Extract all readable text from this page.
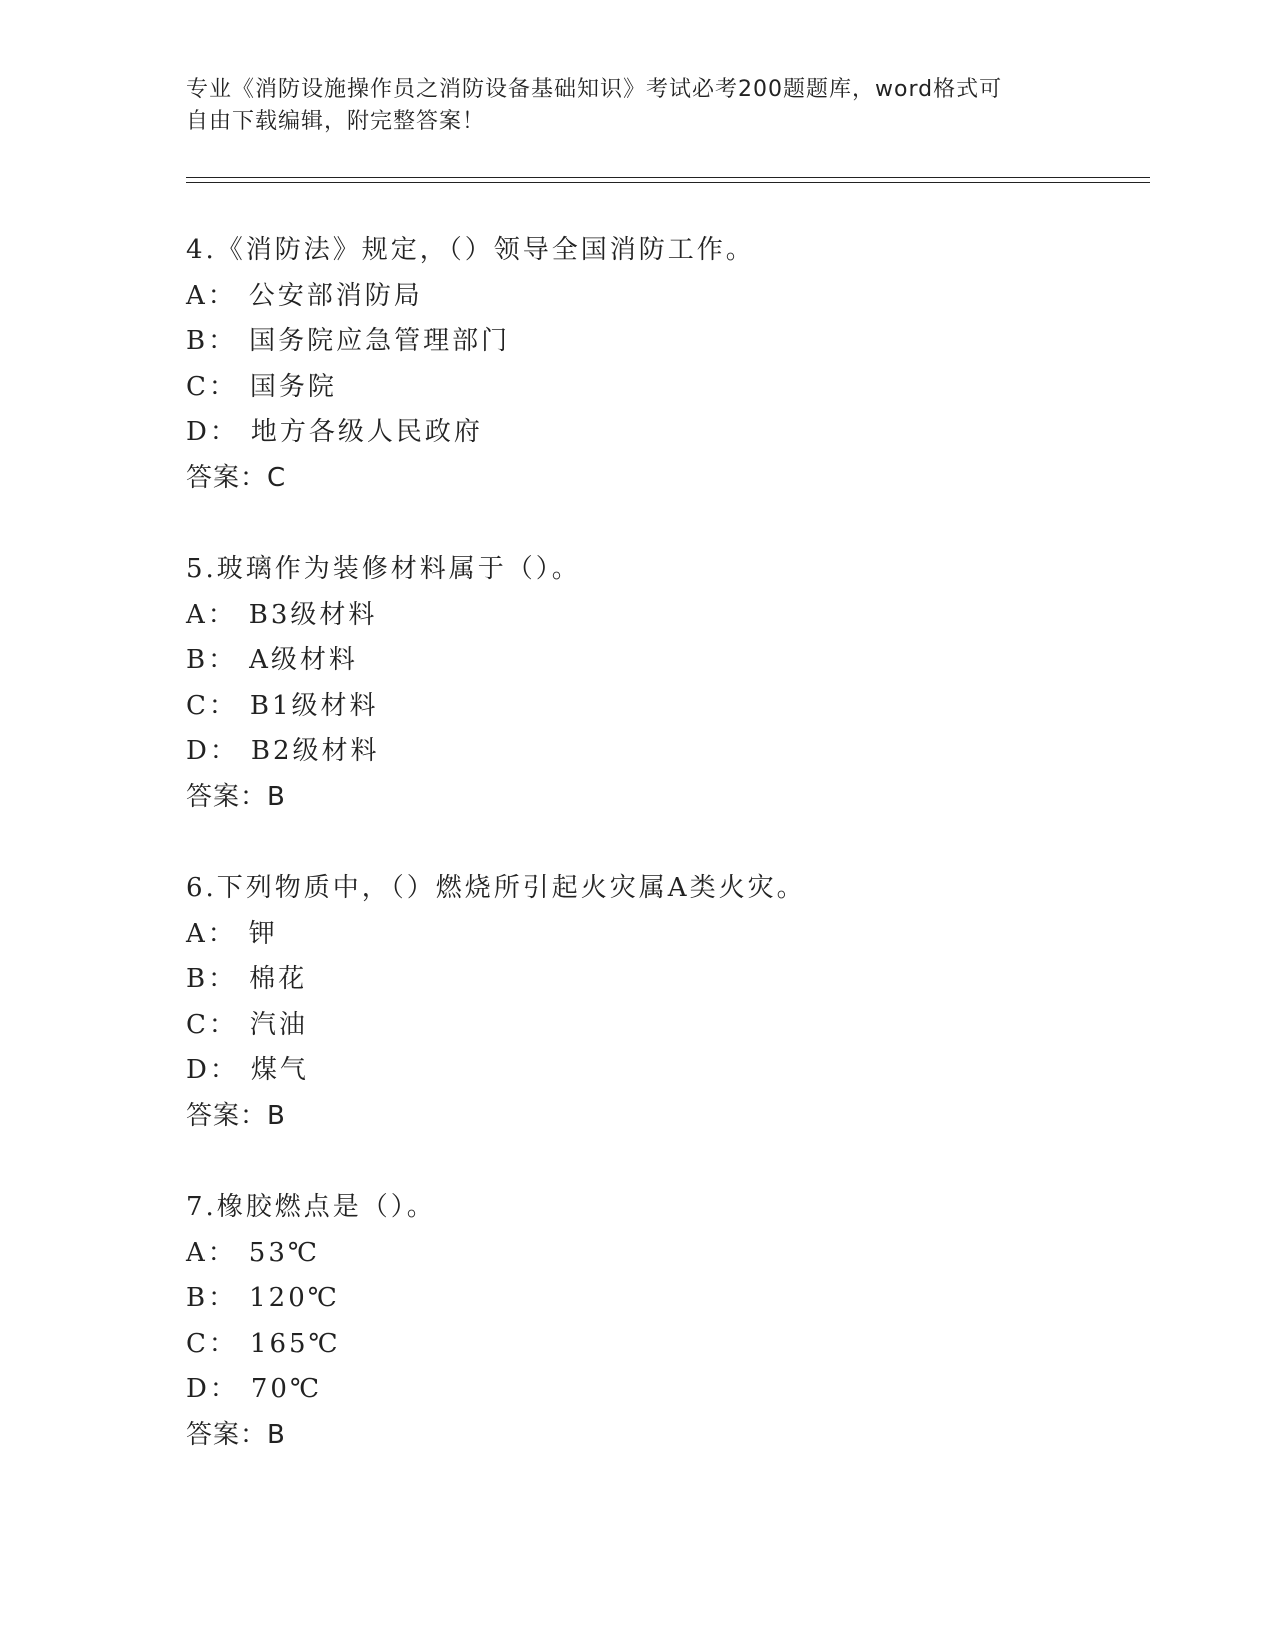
专业《消防设施操作员之消防设备基础知识》考试必考200题题库，word格式可
自由下载编辑，附完整答案！
4.《消防法》规定，（）领导全国消防工作。
A： 公安部消防局
B： 国务院应急管理部门
C： 国务院
D： 地方各级人民政府
答案：C
5.玻璃作为装修材料属于（）。
A： B3级材料
B： A级材料
C： B1级材料
D： B2级材料
答案：B
6.下列物质中，（）燃烧所引起火灾属A类火灾。
A： 钾
B： 棉花
C： 汽油
D： 煤气
答案：B
7.橡胶燃点是（）。
A： 53℃
B： 120℃
C： 165℃
D： 70℃
答案：B
